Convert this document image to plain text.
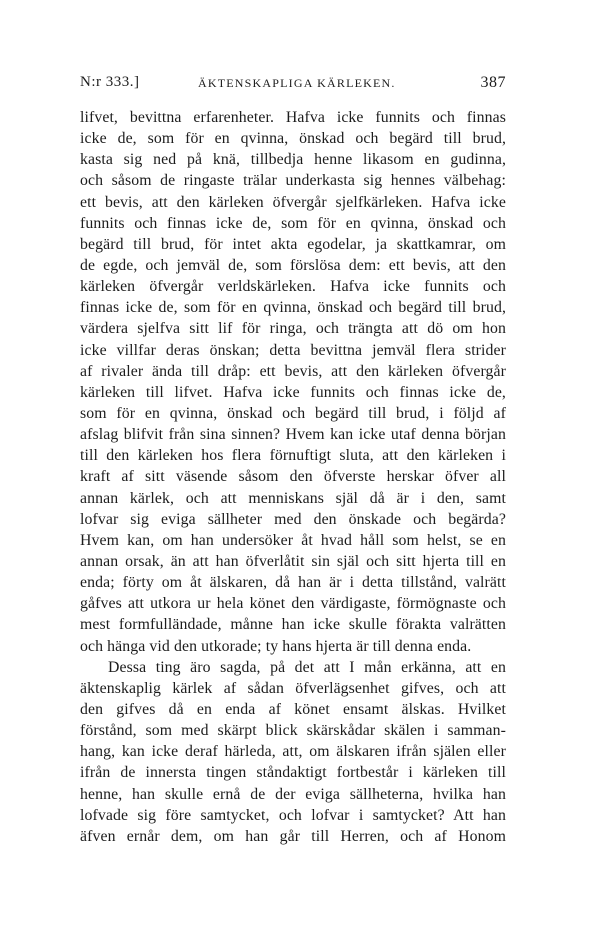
N:r 333.]	ÄKTENSKAPLIGA KÄRLEKEN.	387
lifvet, bevittna erfarenheter. Hafva icke funnits och finnas
icke de, som för en qvinna, önskad och begärd till brud,
kasta sig ned på knä, tillbedja henne likasom en gudinna,
och såsom de ringaste trälar underkasta sig hennes välbehag:
ett bevis, att den kärleken öfvergår sjelfkärleken. Hafva icke
funnits och finnas icke de, som för en qvinna, önskad och
begärd till brud, för intet akta egodelar, ja skattkamrar, om
de egde, och jemväl de, som förslösa dem: ett bevis, att den
kärleken öfvergår verldskärleken. Hafva icke funnits och
finnas icke de, som för en qvinna, önskad och begärd till brud,
värdera sjelfva sitt lif för ringa, och trängta att dö om hon
icke villfar deras önskan; detta bevittna jemväl flera strider
af rivaler ända till dråp: ett bevis, att den kärleken öfvergår
kärleken till lifvet. Hafva icke funnits och finnas icke de,
som för en qvinna, önskad och begärd till brud, i följd af
afslag blifvit från sina sinnen? Hvem kan icke utaf denna början
till den kärleken hos flera förnuftigt sluta, att den kärleken i
kraft af sitt väsende såsom den öfverste herskar öfver all
annan kärlek, och att menniskans själ då är i den, samt
lofvar sig eviga sällheter med den önskade och begärda?
Hvem kan, om han undersöker åt hvad håll som helst, se en
annan orsak, än att han öfverlåtit sin själ och sitt hjerta till en
enda; förty om åt älskaren, då han är i detta tillstånd, valrätt
gåfves att utkora ur hela könet den värdigaste, förmögnaste och
mest formfulländade, månne han icke skulle förakta valrätten
och hänga vid den utkorade; ty hans hjerta är till denna enda.
Dessa ting äro sagda, på det att I mån erkänna, att en
äktenskaplig kärlek af sådan öfverlägsenhet gifves, och att
den gifves då en enda af könet ensamt älskas. Hvilket
förstånd, som med skärpt blick skärskådar skälen i samman-
hang, kan icke deraf härleda, att, om älskaren ifrån själen eller
ifrån de innersta tingen ståndaktigt fortbestår i kärleken till
henne, han skulle ernå de der eviga sällheterna, hvilka han
lofvade sig före samtycket, och lofvar i samtycket? Att han
äfven ernår dem, om han går till Herren, och af Honom
